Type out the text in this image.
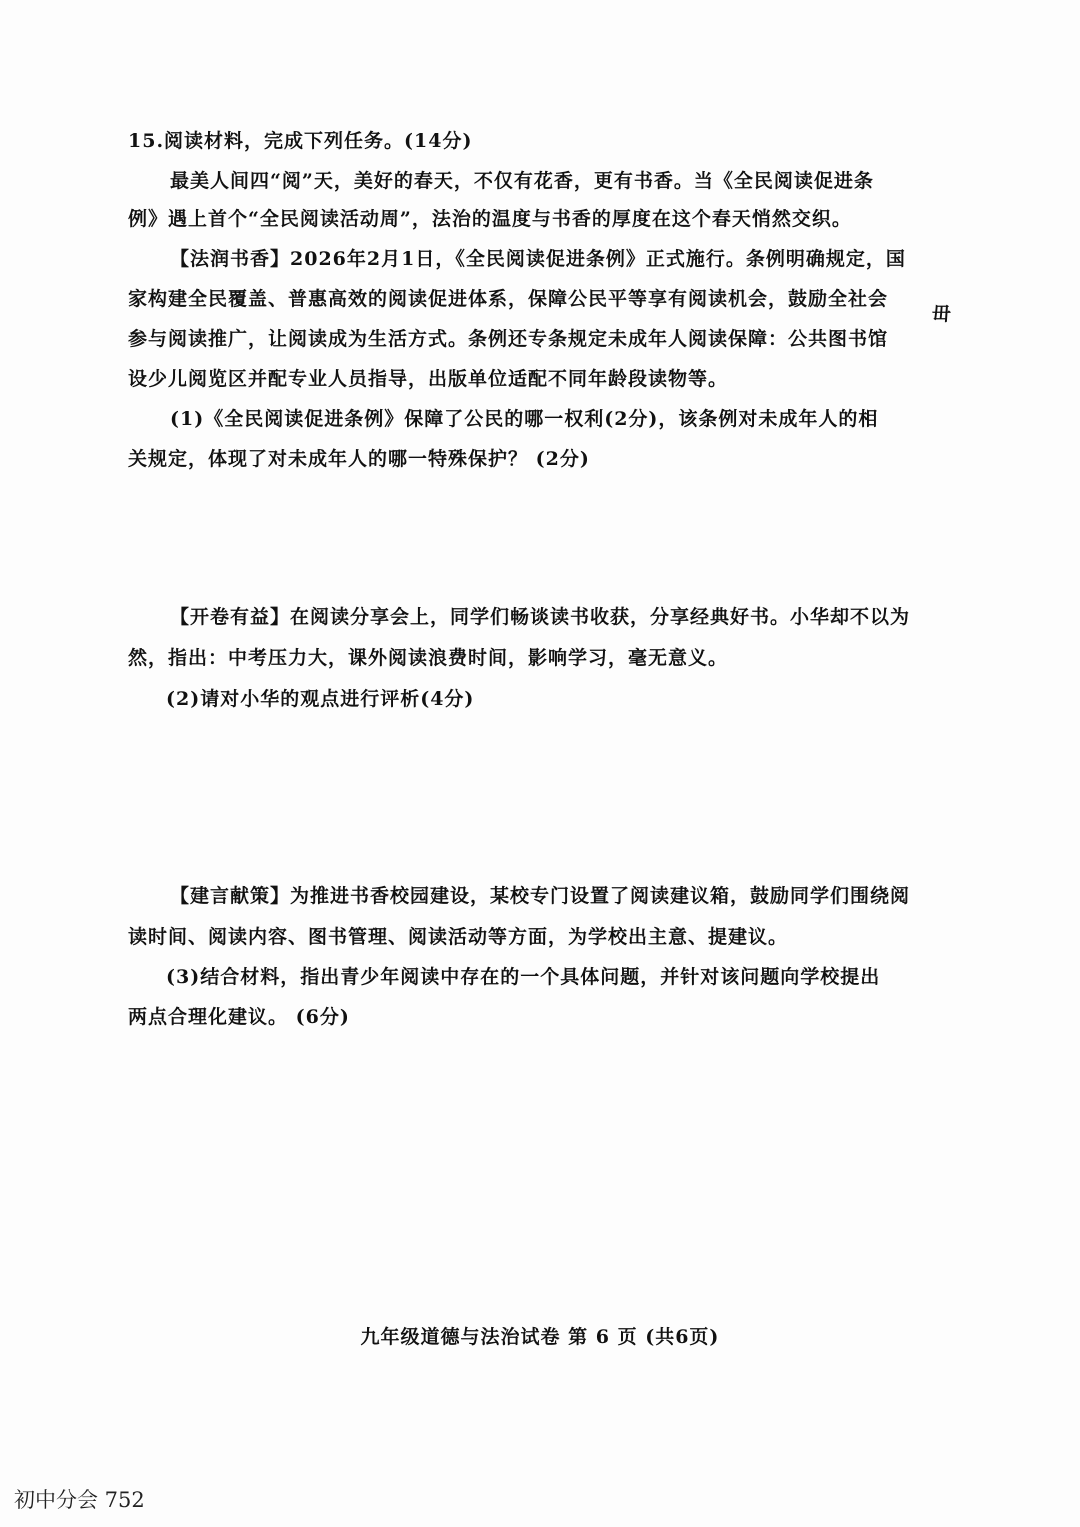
15.阅读材料，完成下列任务。(14分)
最美人间四“阅”天，美好的春天，不仅有花香，更有书香。当《全民阅读促进条
例》遇上首个“全民阅读活动周”，法治的温度与书香的厚度在这个春天悄然交织。
【法润书香】2026年2月1日，《全民阅读促进条例》正式施行。条例明确规定，国
家构建全民覆盖、普惠高效的阅读促进体系，保障公民平等享有阅读机会，鼓励全社会
参与阅读推广，让阅读成为生活方式。条例还专条规定未成年人阅读保障：公共图书馆
设少儿阅览区并配专业人员指导，出版单位适配不同年龄段读物等。
毌
(1)《全民阅读促进条例》保障了公民的哪一权利(2分)，该条例对未成年人的相
关规定，体现了对未成年人的哪一特殊保护？ (2分)
【开卷有益】在阅读分享会上，同学们畅谈读书收获，分享经典好书。小华却不以为
然，指出：中考压力大，课外阅读浪费时间，影响学习，毫无意义。
(2)请对小华的观点进行评析(4分)
【建言献策】为推进书香校园建设，某校专门设置了阅读建议箱，鼓励同学们围绕阅
读时间、阅读内容、图书管理、阅读活动等方面，为学校出主意、提建议。
(3)结合材料，指出青少年阅读中存在的一个具体问题，并针对该问题向学校提出
两点合理化建议。 (6分)
九年级道德与法治试卷 第 6 页 (共6页)
初中分会 752
